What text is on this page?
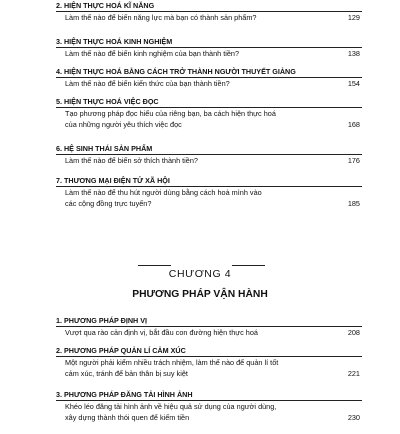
2. HIỆN THỰC HOÁ KĨ NĂNG
Làm thế nào để biến năng lực mà bạn có thành sản phẩm?	129
3. HIỆN THỰC HOÁ KINH NGHIỆM
Làm thế nào để biến kinh nghiệm của bạn thành tiền?	138
4. HIỆN THỰC HOÁ BẰNG CÁCH TRỞ THÀNH NGƯỜI THUYẾT GIẢNG
Làm thế nào để biến kiến thức của bạn thành tiền?	154
5. HIỆN THỰC HOÁ VIỆC ĐỌC
Tạo phương pháp đọc hiểu của riêng bạn, ba cách hiện thực hoá
của những người yêu thích việc đọc	168
6. HỆ SINH THÁI SẢN PHẨM
Làm thế nào để biến sở thích thành tiền?	176
7. THƯƠNG MẠI ĐIỆN TỬ XÃ HỘI
Làm thế nào để thu hút người dùng bằng cách hoà mình vào
các cộng đồng trực tuyến?	185
CHƯƠNG 4
PHƯƠNG PHÁP VẬN HÀNH
1. PHƯƠNG PHÁP ĐỊNH VỊ
Vượt qua rào cản định vị, bắt đầu con đường hiện thực hoá	208
2. PHƯƠNG PHÁP QUẢN LÍ CẢM XÚC
Một người phải kiểm nhiều trách nhiệm, làm thế nào để quản lí tốt
cảm xúc, tránh để bản thân bị suy kiệt	221
3. PHƯƠNG PHÁP ĐĂNG TẢI HÌNH ẢNH
Khéo léo đăng tải hình ảnh về hiệu quả sử dụng của người dùng,
xây dựng thành thói quen để kiếm tiền	230
